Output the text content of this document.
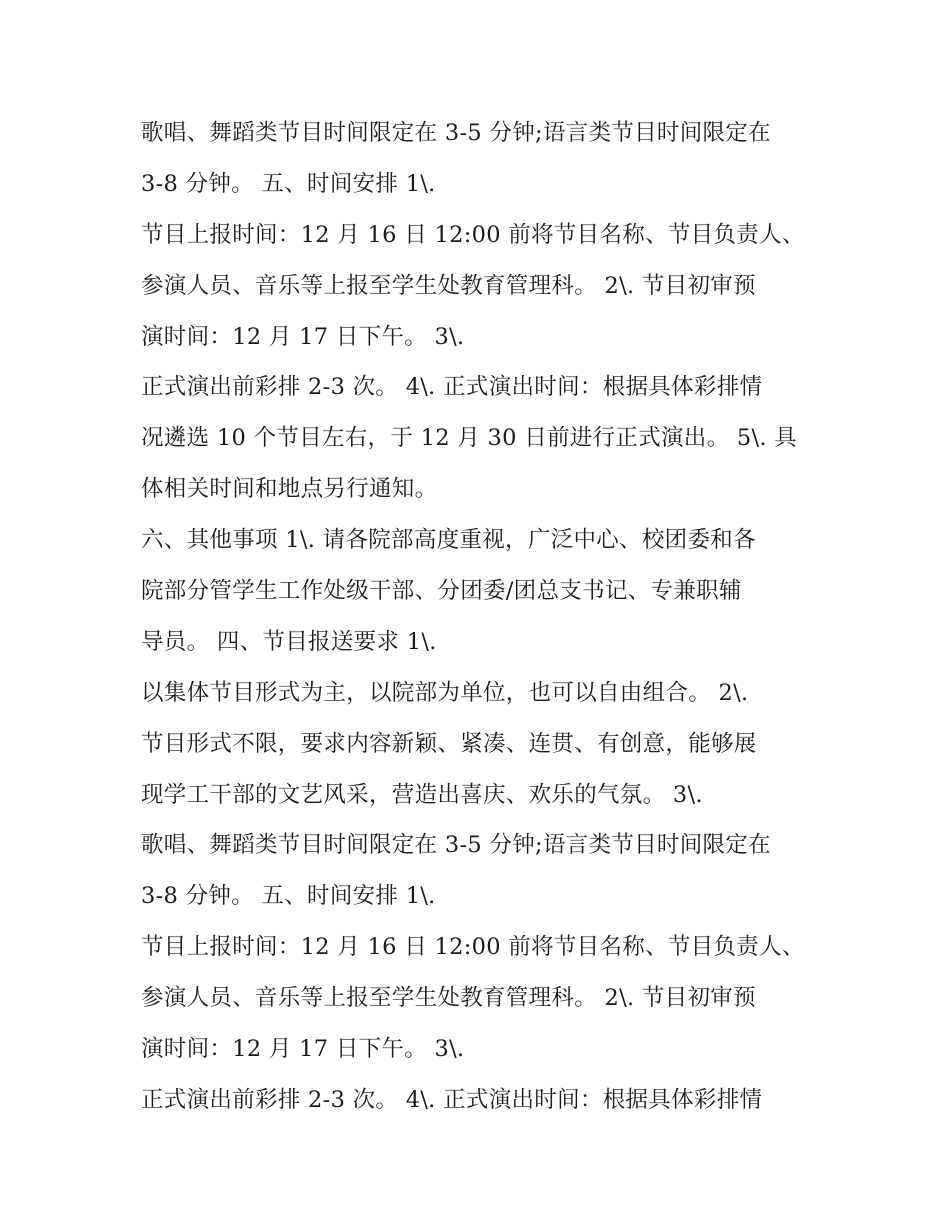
歌唱、舞蹈类节目时间限定在 3-5 分钟;语言类节目时间限定在
3-8 分钟。 五、时间安排 1\.
节目上报时间：12 月 16 日 12:00 前将节目名称、节目负责人、
参演人员、音乐等上报至学生处教育管理科。 2\. 节目初审预
演时间：12 月 17 日下午。 3\.
正式演出前彩排 2-3 次。 4\. 正式演出时间：根据具体彩排情
况遴选 10 个节目左右，于 12 月 30 日前进行正式演出。 5\. 具
体相关时间和地点另行通知。
六、其他事项 1\. 请各院部高度重视，广泛中心、校团委和各
院部分管学生工作处级干部、分团委/团总支书记、专兼职辅
导员。 四、节目报送要求 1\.
以集体节目形式为主，以院部为单位，也可以自由组合。 2\.
节目形式不限，要求内容新颖、紧凑、连贯、有创意，能够展
现学工干部的文艺风采，营造出喜庆、欢乐的气氛。 3\.
歌唱、舞蹈类节目时间限定在 3-5 分钟;语言类节目时间限定在
3-8 分钟。 五、时间安排 1\.
节目上报时间：12 月 16 日 12:00 前将节目名称、节目负责人、
参演人员、音乐等上报至学生处教育管理科。 2\. 节目初审预
演时间：12 月 17 日下午。 3\.
正式演出前彩排 2-3 次。 4\. 正式演出时间：根据具体彩排情
